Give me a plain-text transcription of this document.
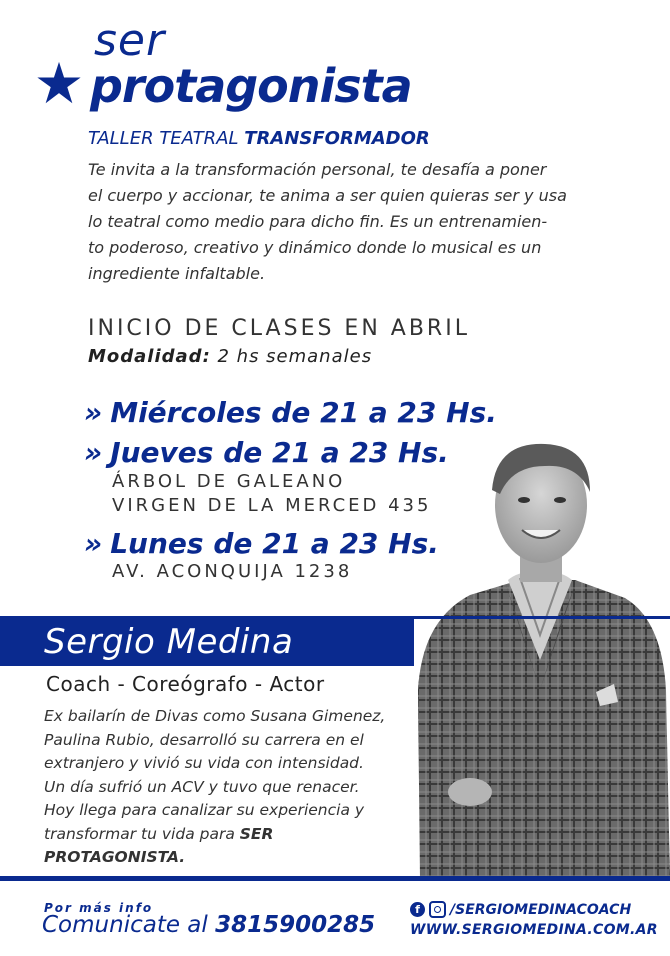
ser
protagonista
TALLER TEATRAL TRANSFORMADOR
Te invita a la transformación personal, te desafía a poner
el cuerpo y accionar, te anima a ser quien quieras ser y usa
lo teatral como medio para dicho fin. Es un entrenamien-
to poderoso, creativo y dinámico donde lo musical es un
ingrediente infaltable.
INICIO DE CLASES EN ABRIL
Modalidad: 2 hs semanales
» Miércoles de 21 a 23 Hs.
» Jueves de 21 a 23 Hs.
ÁRBOL DE GALEANO
VIRGEN DE LA MERCED 435
» Lunes de 21 a 23 Hs.
AV. ACONQUIJA 1238
Sergio Medina
Coach - Coreógrafo - Actor
Ex bailarín de Divas como Susana Gimenez,
Paulina Rubio, desarrolló su carrera en el
extranjero y vivió su vida con intensidad.
Un día sufrió un ACV y tuvo que renacer.
Hoy llega para canalizar su experiencia y
transformar tu vida para SER PROTAGONISTA.
Por más info
Comunicate al 3815900285
f	/SERGIOMEDINACOACH
WWW.SERGIOMEDINA.COM.AR
